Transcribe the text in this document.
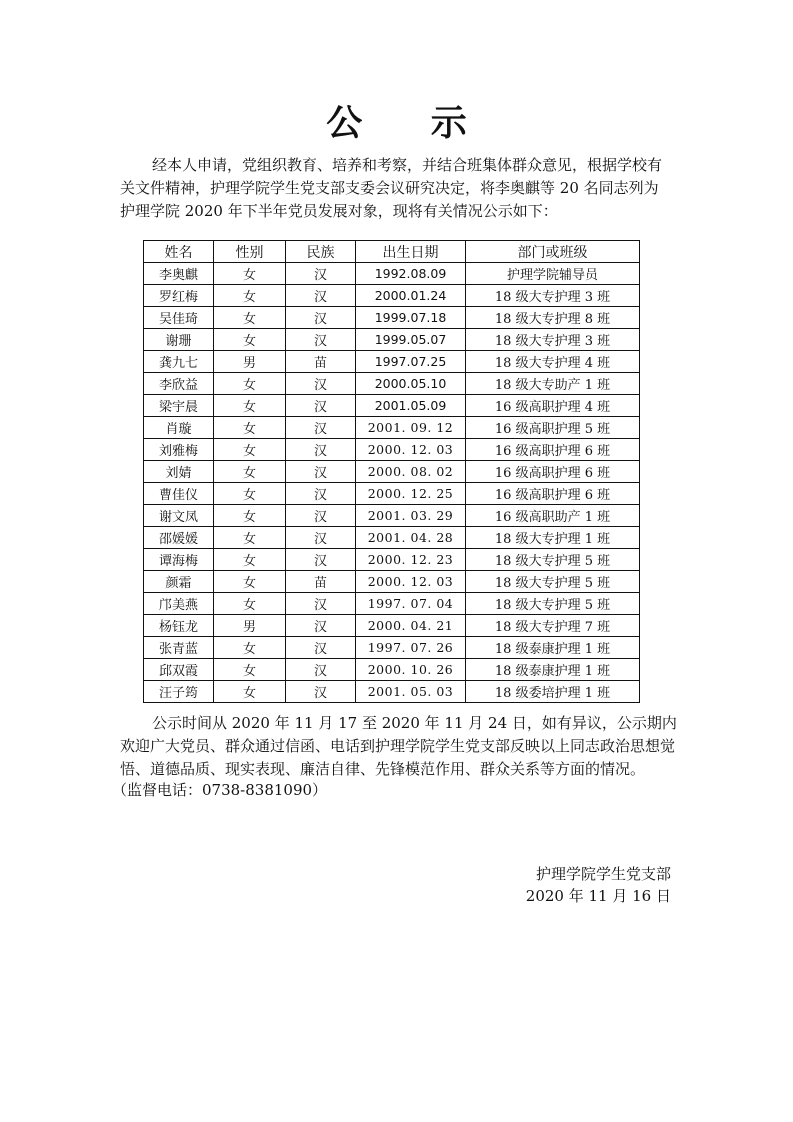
公 示

经本人申请，党组织教育、培养和考察，并结合班集体群众意见，根据学校有关文件精神，护理学院学生党支部支委会议研究决定，将李奥麒等 20 名同志列为护理学院 2020 年下半年党员发展对象，现将有关情况公示如下：

姓名	性别	民族	出生日期	部门或班级
李奥麒	女	汉	1992.08.09	护理学院辅导员
罗红梅	女	汉	2000.01.24	18 级大专护理 3 班
吴佳琦	女	汉	1999.07.18	18 级大专护理 8 班
谢珊	女	汉	1999.05.07	18 级大专护理 3 班
龚九七	男	苗	1997.07.25	18 级大专护理 4 班
李欣益	女	汉	2000.05.10	18 级大专助产 1 班
梁宇晨	女	汉	2001.05.09	16 级高职护理 4 班
肖璇	女	汉	2001. 09. 12	16 级高职护理 5 班
刘雅梅	女	汉	2000. 12. 03	16 级高职护理 6 班
刘婧	女	汉	2000. 08. 02	16 级高职护理 6 班
曹佳仪	女	汉	2000. 12. 25	16 级高职护理 6 班
谢文凤	女	汉	2001. 03. 29	16 级高职助产 1 班
邵媛媛	女	汉	2001. 04. 28	18 级大专护理 1 班
谭海梅	女	汉	2000. 12. 23	18 级大专护理 5 班
颜霜	女	苗	2000. 12. 03	18 级大专护理 5 班
邝美燕	女	汉	1997. 07. 04	18 级大专护理 5 班
杨钰龙	男	汉	2000. 04. 21	18 级大专护理 7 班
张青蓝	女	汉	1997. 07. 26	18 级泰康护理 1 班
邱双霞	女	汉	2000. 10. 26	18 级泰康护理 1 班
汪子筠	女	汉	2001. 05. 03	18 级委培护理 1 班

公示时间从 2020 年 11 月 17 至 2020 年 11 月 24 日，如有异议，公示期内欢迎广大党员、群众通过信函、电话到护理学院学生党支部反映以上同志政治思想觉悟、道德品质、现实表现、廉洁自律、先锋模范作用、群众关系等方面的情况。

（监督电话：0738-8381090）

护理学院学生党支部
2020 年 11 月 16 日
